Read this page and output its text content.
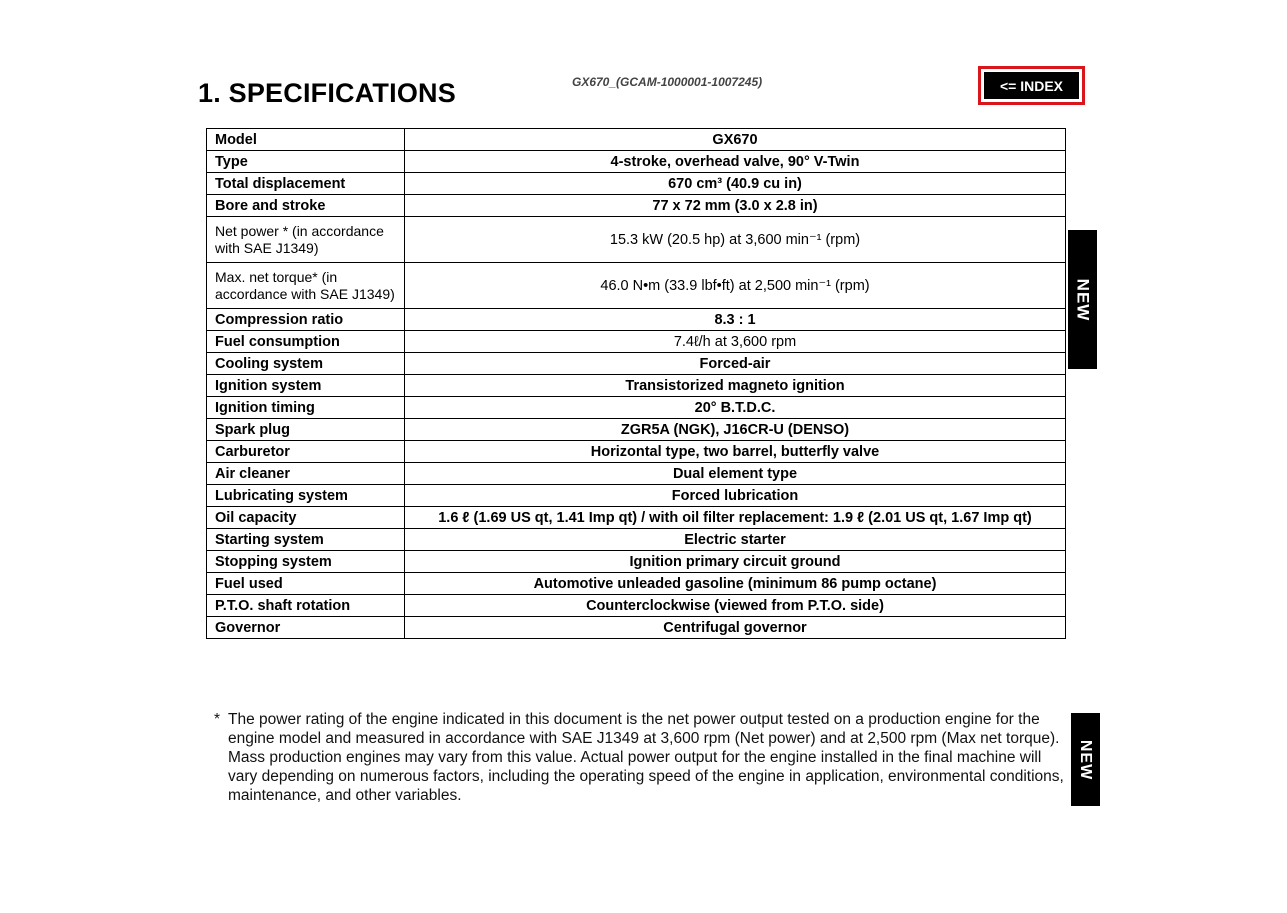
1. SPECIFICATIONS	GX670_(GCAM-1000001-1007245)	<= INDEX
Model	GX670
Type	4-stroke, overhead valve, 90° V-Twin
Total displacement	670 cm³ (40.9 cu in)
Bore and stroke	77 x 72 mm (3.0 x 2.8 in)
Net power * (in accordance with SAE J1349)	15.3 kW (20.5 hp) at 3,600 min⁻¹ (rpm)
Max. net torque* (in accordance with SAE J1349)	46.0 N•m (33.9 lbf•ft) at 2,500 min⁻¹ (rpm)
Compression ratio	8.3 : 1
Fuel consumption	7.4ℓ/h at 3,600 rpm
Cooling system	Forced-air
Ignition system	Transistorized magneto ignition
Ignition timing	20° B.T.D.C.
Spark plug	ZGR5A (NGK), J16CR-U (DENSO)
Carburetor	Horizontal type, two barrel, butterfly valve
Air cleaner	Dual element type
Lubricating system	Forced lubrication
Oil capacity	1.6 ℓ (1.69 US qt, 1.41 Imp qt) / with oil filter replacement: 1.9 ℓ (2.01 US qt, 1.67 Imp qt)
Starting system	Electric starter
Stopping system	Ignition primary circuit ground
Fuel used	Automotive unleaded gasoline (minimum 86 pump octane)
P.T.O. shaft rotation	Counterclockwise (viewed from P.T.O. side)
Governor	Centrifugal governor
NEW
* The power rating of the engine indicated in this document is the net power output tested on a production engine for the engine model and measured in accordance with SAE J1349 at 3,600 rpm (Net power) and at 2,500 rpm (Max net torque). Mass production engines may vary from this value. Actual power output for the engine installed in the final machine will vary depending on numerous factors, including the operating speed of the engine in application, environmental conditions, maintenance, and other variables.

NEW
